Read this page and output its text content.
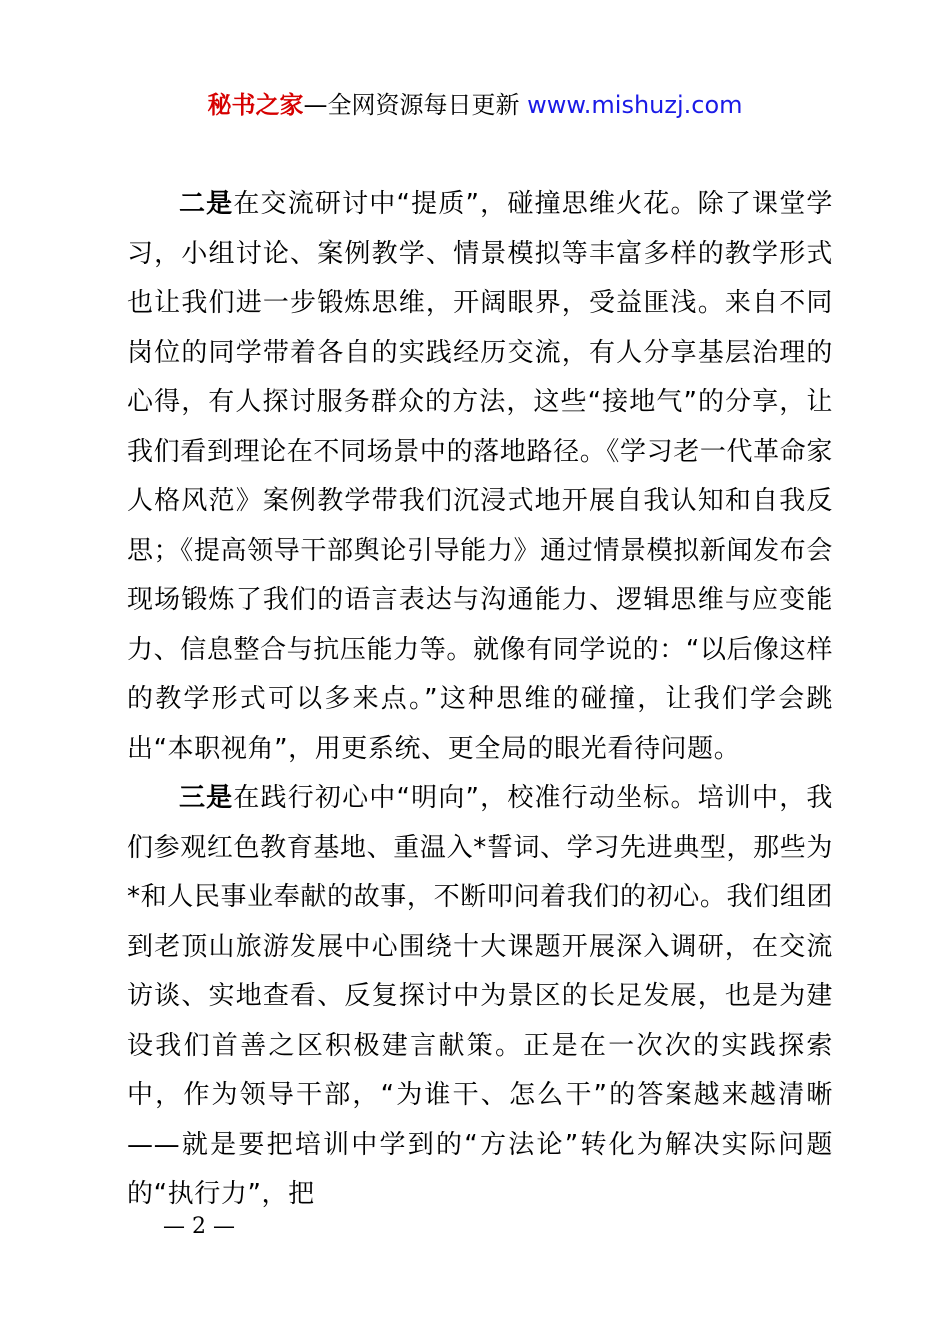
秘书之家—全网资源每日更新 www.mishuzj.com

二是在交流研讨中“提质”，碰撞思维火花。除了课堂学习，小组讨论、案例教学、情景模拟等丰富多样的教学形式也让我们进一步锻炼思维，开阔眼界，受益匪浅。来自不同岗位的同学带着各自的实践经历交流，有人分享基层治理的心得，有人探讨服务群众的方法，这些“接地气”的分享，让我们看到理论在不同场景中的落地路径。《学习老一代革命家人格风范》案例教学带我们沉浸式地开展自我认知和自我反思；《提高领导干部舆论引导能力》通过情景模拟新闻发布会现场锻炼了我们的语言表达与沟通能力、逻辑思维与应变能力、信息整合与抗压能力等。就像有同学说的：“以后像这样的教学形式可以多来点。”这种思维的碰撞，让我们学会跳出“本职视角”，用更系统、更全局的眼光看待问题。

三是在践行初心中“明向”，校准行动坐标。培训中，我们参观红色教育基地、重温入*誓词、学习先进典型，那些为*和人民事业奉献的故事，不断叩问着我们的初心。我们组团到老顶山旅游发展中心围绕十大课题开展深入调研，在交流访谈、实地查看、反复探讨中为景区的长足发展，也是为建设我们首善之区积极建言献策。正是在一次次的实践探索中，作为领导干部，“为谁干、怎么干”的答案越来越清晰——就是要把培训中学到的“方法论”转化为解决实际问题的“执行力”，把

— 2 —
